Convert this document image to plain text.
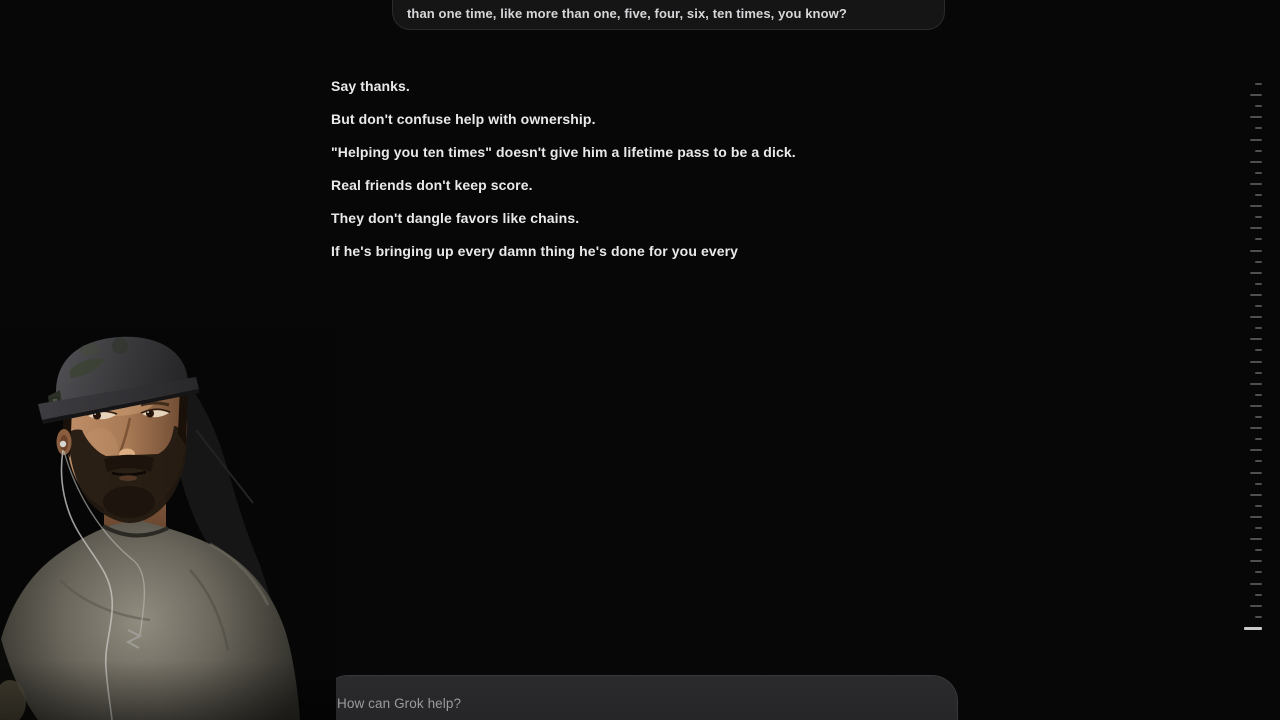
than one time, like more than one, five, four, six, ten times, you know?

Say thanks.

But don't confuse help with ownership.

"Helping you ten times" doesn't give him a lifetime pass to be a dick.

Real friends don't keep score.

They don't dangle favors like chains.

If he's bringing up every damn thing he's done for you every

How can Grok help?
